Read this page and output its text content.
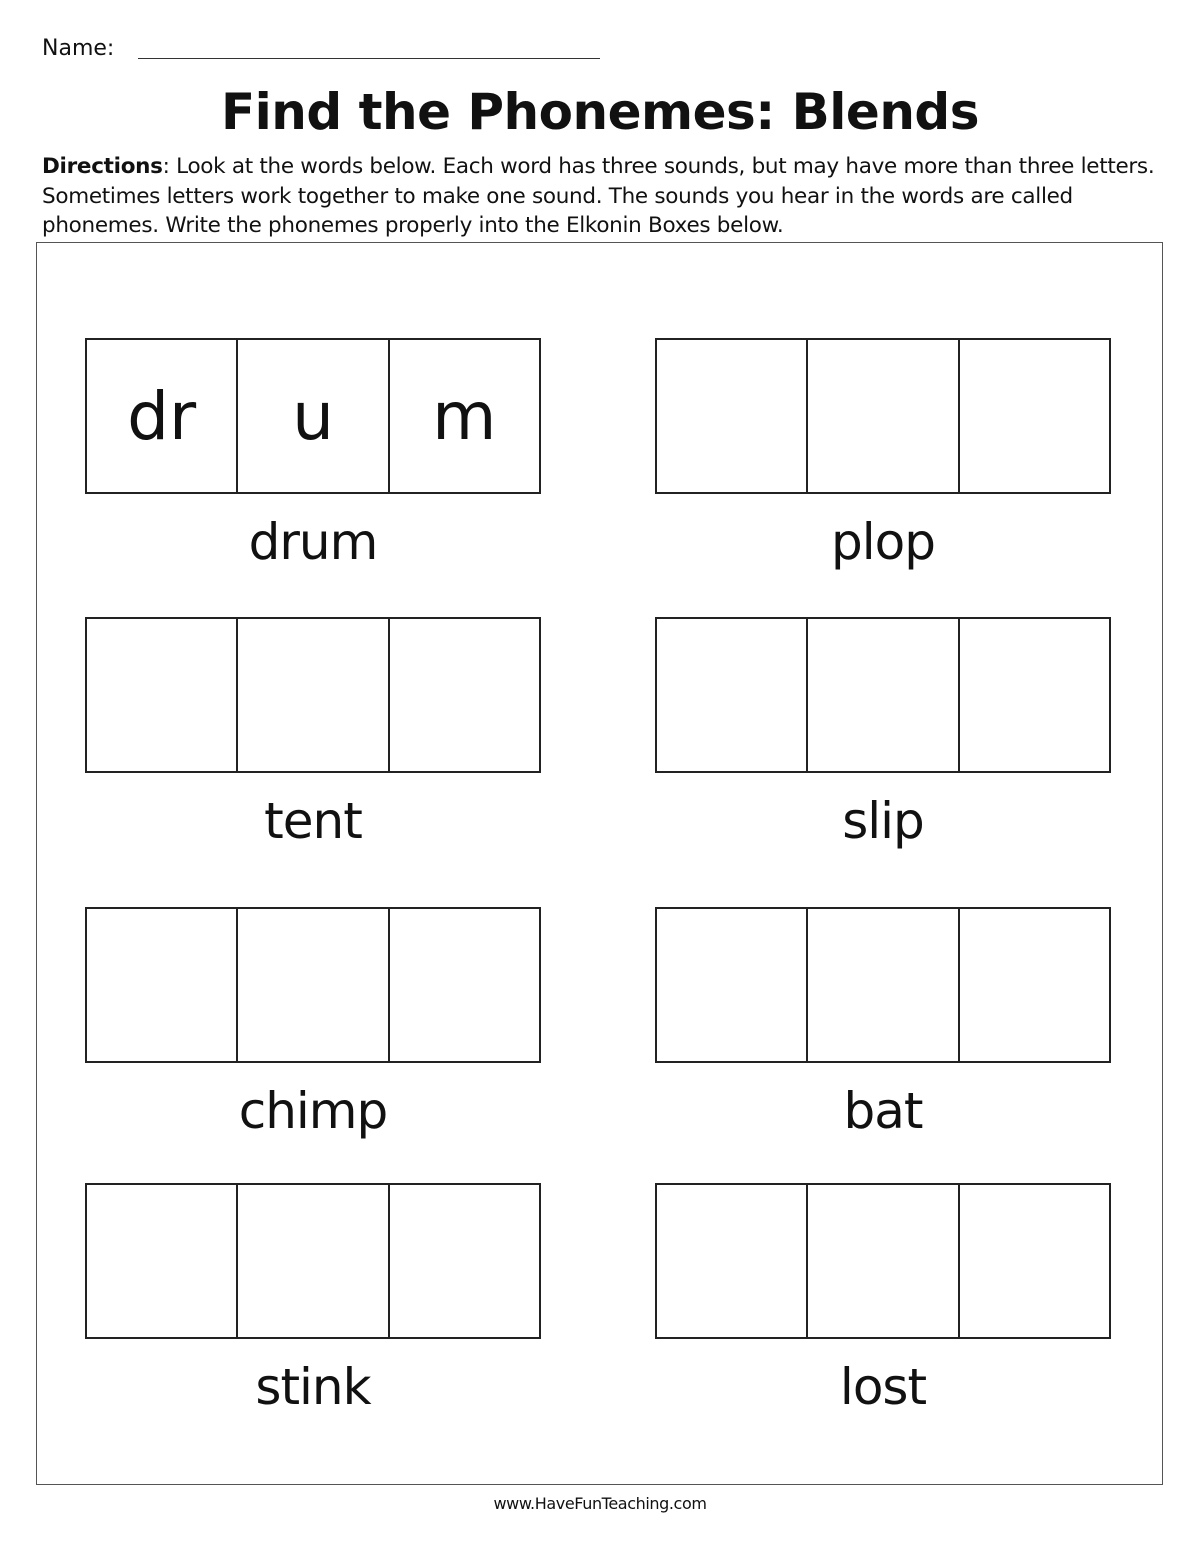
Name:
Find the Phonemes: Blends
Directions: Look at the words below. Each word has three sounds, but may have more than three letters. Sometimes letters work together to make one sound. The sounds you hear in the words are called phonemes. Write the phonemes properly into the Elkonin Boxes below.
dr	u	m
drum	plop
tent	slip
chimp	bat
stink	lost
www.HaveFunTeaching.com
